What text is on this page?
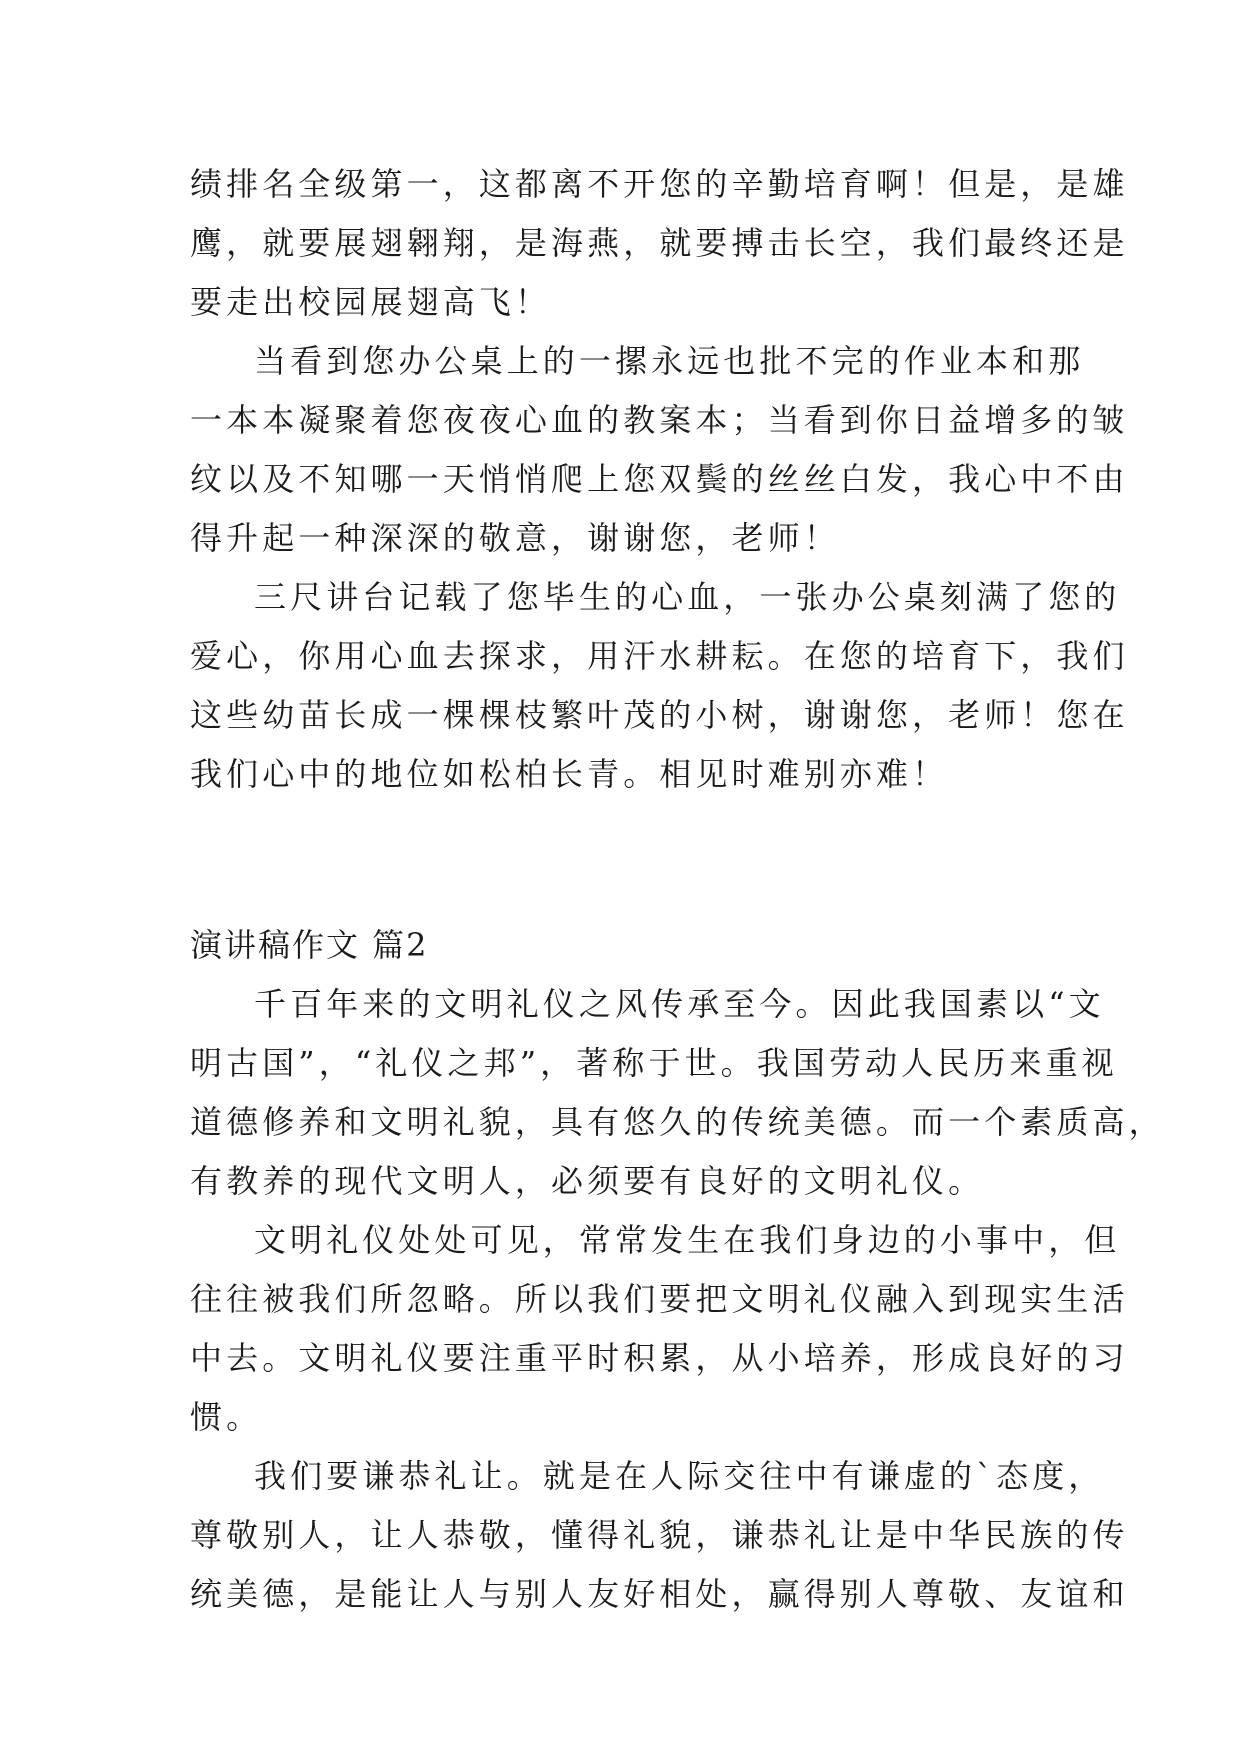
绩排名全级第一，这都离不开您的辛勤培育啊！但是，是雄
鹰，就要展翅翱翔，是海燕，就要搏击长空，我们最终还是
要走出校园展翅高飞！
当看到您办公桌上的一摞永远也批不完的作业本和那
一本本凝聚着您夜夜心血的教案本；当看到你日益增多的皱
纹以及不知哪一天悄悄爬上您双鬓的丝丝白发，我心中不由
得升起一种深深的敬意，谢谢您，老师！
三尺讲台记载了您毕生的心血，一张办公桌刻满了您的
爱心，你用心血去探求，用汗水耕耘。在您的培育下，我们
这些幼苗长成一棵棵枝繁叶茂的小树，谢谢您，老师！您在
我们心中的地位如松柏长青。相见时难别亦难！
演讲稿作文 篇2
千百年来的文明礼仪之风传承至今。因此我国素以“文
明古国”，“礼仪之邦”，著称于世。我国劳动人民历来重视
道德修养和文明礼貌，具有悠久的传统美德。而一个素质高，
有教养的现代文明人，必须要有良好的文明礼仪。
文明礼仪处处可见，常常发生在我们身边的小事中，但
往往被我们所忽略。所以我们要把文明礼仪融入到现实生活
中去。文明礼仪要注重平时积累，从小培养，形成良好的习
惯。
我们要谦恭礼让。就是在人际交往中有谦虚的`态度，
尊敬别人，让人恭敬，懂得礼貌，谦恭礼让是中华民族的传
统美德，是能让人与别人友好相处，赢得别人尊敬、友谊和
